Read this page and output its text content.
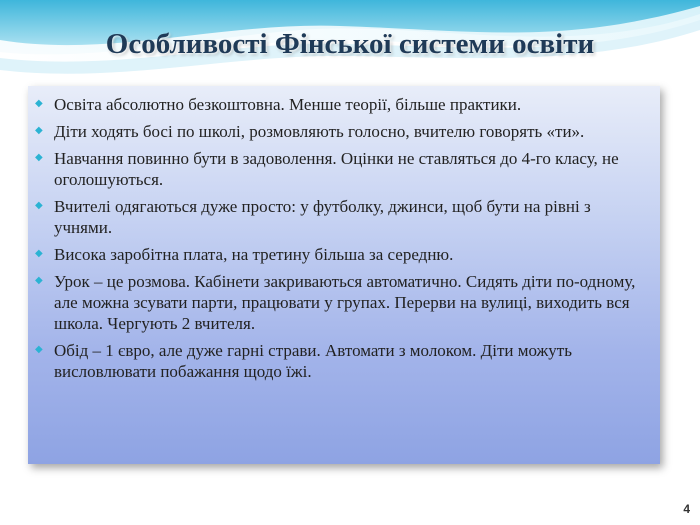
Особливості Фінської системи освіти
◆ Освіта абсолютно безкоштовна. Менше теорії, більше практики.
◆ Діти ходять босі по школі, розмовляють голосно, вчителю говорять «ти».
◆ Навчання повинно бути в задоволення. Оцінки не ставляться до 4-го класу, не оголошуються.
◆ Вчителі одягаються дуже просто: у футболку, джинси, щоб бути на рівні з учнями.
◆ Висока заробітна плата, на третину більша за середню.
◆ Урок – це розмова. Кабінети закриваються автоматично. Сидять діти по-одному, але можна зсувати парти, працювати у групах. Перерви на вулиці, виходить вся школа. Чергують 2 вчителя.
◆ Обід – 1 євро, але дуже гарні страви. Автомати з молоком. Діти можуть висловлювати побажання щодо їжі.
4
